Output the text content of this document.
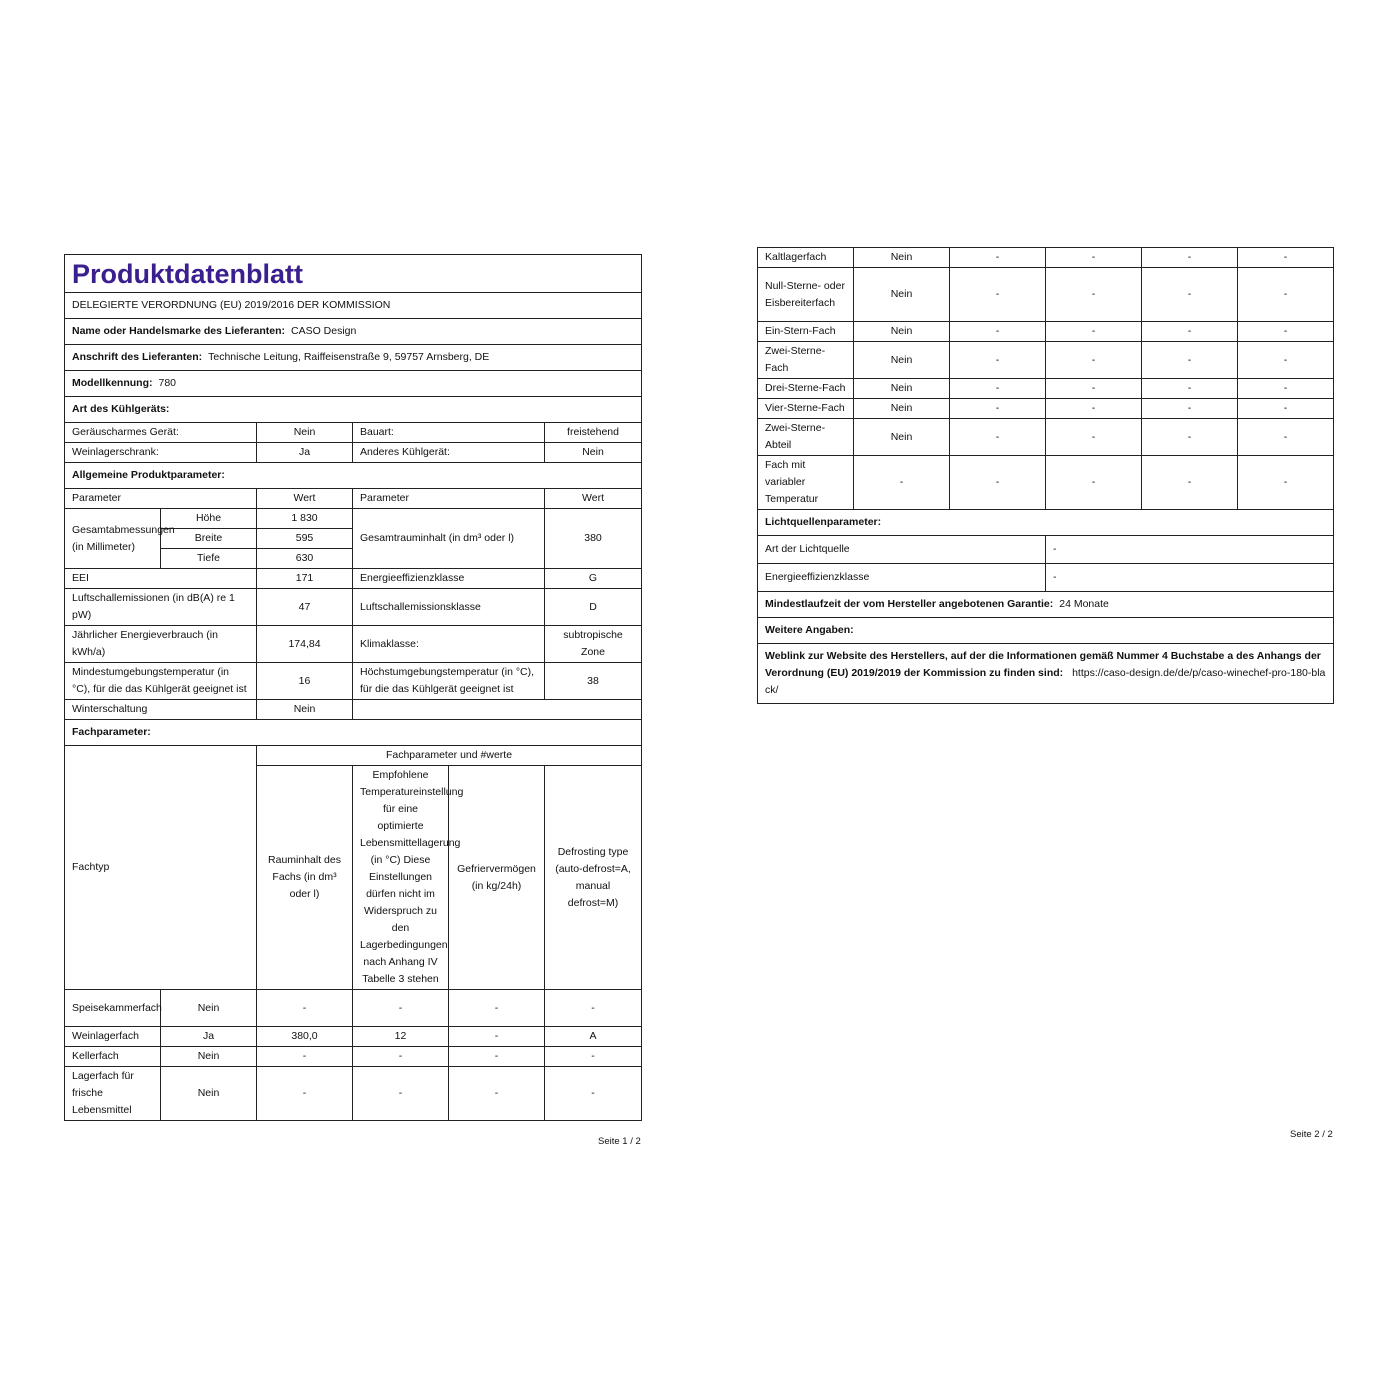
Produktdatenblatt					
DELEGIERTE VERORDNUNG (EU) 2019/2016 DER KOMMISSION					
Name oder Handelsmarke des Lieferanten: CASO Design					
Anschrift des Lieferanten: Technische Leitung, Raiffeisenstraße 9, 59757 Arnsberg, DE					
Modellkennung: 780					
Art des Kühlgeräts:					
Geräuscharmes Gerät:		Nein	Bauart:		freistehend
Weinlagerschrank:		Ja	Anderes Kühlgerät:		Nein
Allgemeine Produktparameter:					
Parameter		Wert	Parameter		Wert
Gesamtabmessungen (in Millimeter)	Höhe	1 830	Gesamtrauminhalt (in dm³ oder l)		380
	Breite	595			
	Tiefe	630			
EEI		171	Energieeffizienzklasse		G
Luftschallemissionen (in dB(A) re 1 pW)		47	Luftschallemissionsklasse		D
Jährlicher Energieverbrauch (in kWh/a)		174,84	Klimaklasse:		subtropische Zone
Mindestumgebungstemperatur (in °C), für die das Kühlgerät geeignet ist		16	Höchstumgebungstemperatur (in °C), für die das Kühlgerät geeignet ist		38
Winterschaltung		Nein			
Fachparameter:					
Fachtyp		Fachparameter und #werte			
		Rauminhalt des Fachs (in dm³ oder l)	Empfohlene Temperatureinstellung für eine optimierte Lebensmittellagerung (in °C) Diese Einstellungen dürfen nicht im Widerspruch zu den Lagerbedingungen nach Anhang IV Tabelle 3 stehen	Gefriervermögen (in kg/24h)	Defrosting type (auto-defrost=A, manual defrost=M)
Speisekammerfach	Nein	-	-	-	-
Weinlagerfach	Ja	380,0	12	-	A
Kellerfach	Nein	-	-	-	-
Lagerfach für frische Lebensmittel	Nein	-	-	-	-
Seite 1 / 2
Kaltlagerfach	Nein	-	-	-	-
Null-Sterne- oder Eisbereiterfach	Nein	-	-	-	-
Ein-Stern-Fach	Nein	-	-	-	-
Zwei-Sterne-Fach	Nein	-	-	-	-
Drei-Sterne-Fach	Nein	-	-	-	-
Vier-Sterne-Fach	Nein	-	-	-	-
Zwei-Sterne-Abteil	Nein	-	-	-	-
Fach mit variabler Temperatur	-	-	-	-	-
Lichtquellenparameter:					
Art der Lichtquelle			-		
Energieeffizienzklasse			-		
Mindestlaufzeit der vom Hersteller angebotenen Garantie: 24 Monate					
Weitere Angaben:					
Weblink zur Website des Herstellers, auf der die Informationen gemäß Nummer 4 Buchstabe a des Anhangs der Verordnung (EU) 2019/2019 der Kommission zu finden sind: https://caso-design.de/de/p/caso-winechef-pro-180-black/					
Seite 2 / 2
